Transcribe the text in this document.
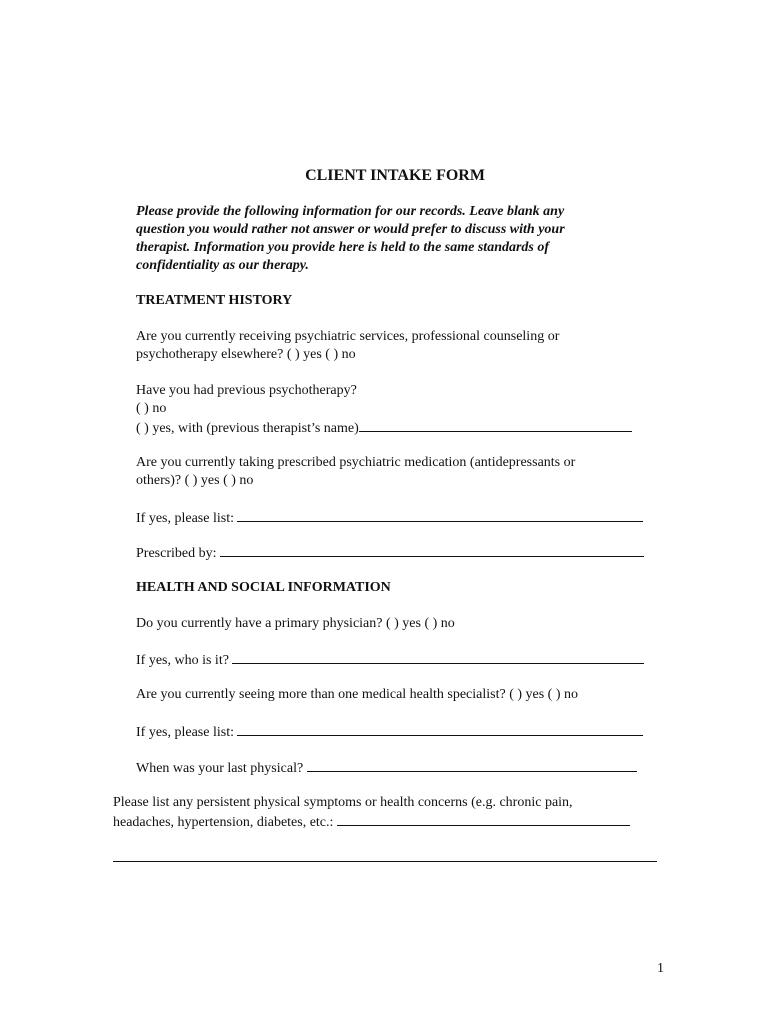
CLIENT INTAKE FORM
Please provide the following information for our records. Leave blank any
question you would rather not answer or would prefer to discuss with your
therapist. Information you provide here is held to the same standards of
confidentiality as our therapy.
TREATMENT HISTORY
Are you currently receiving psychiatric services, professional counseling or
psychotherapy elsewhere? ( ) yes ( ) no
Have you had previous psychotherapy?
( ) no
( ) yes, with (previous therapist’s name)
Are you currently taking prescribed psychiatric medication (antidepressants or
others)? ( ) yes ( ) no
If yes, please list:
Prescribed by:
HEALTH AND SOCIAL INFORMATION
Do you currently have a primary physician? ( ) yes ( ) no
If yes, who is it?
Are you currently seeing more than one medical health specialist? ( ) yes ( ) no
If yes, please list:
When was your last physical?
Please list any persistent physical symptoms or health concerns (e.g. chronic pain,
headaches, hypertension, diabetes, etc.:
1
